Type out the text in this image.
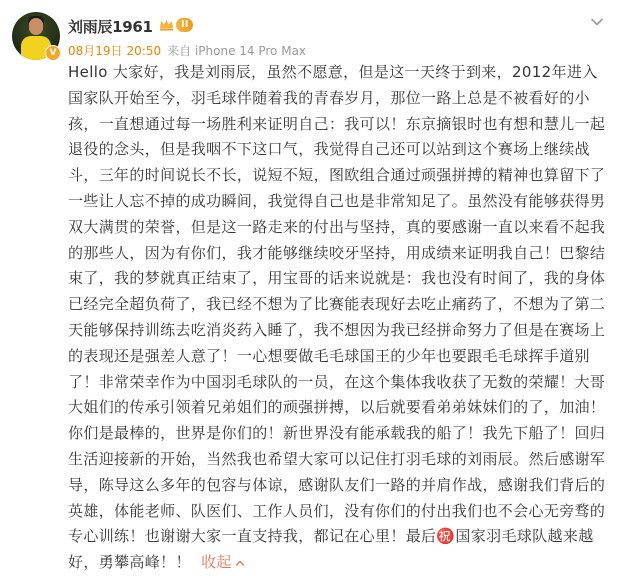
V
刘雨辰1961	II
08月19日 20:50 来自 iPhone 14 Pro Max
Hello 大家好，我是刘雨辰，虽然不愿意，但是这一天终于到来，2012年进入国家队开始至今，羽毛球伴随着我的青春岁月，那位一路上总是不被看好的小孩，一直想通过每一场胜利来证明自己：我可以！东京摘银时也有想和慧儿一起退役的念头，但是我咽不下这口气，我觉得自己还可以站到这个赛场上继续战斗，三年的时间说长不长，说短不短，图欧组合通过顽强拼搏的精神也算留下了一些让人忘不掉的成功瞬间，我觉得自己也是非常知足了。虽然没有能够获得男双大满贯的荣誉，但是这一路走来的付出与坚持，真的要感谢一直以来看不起我的那些人，因为有你们，我才能够继续咬牙坚持，用成绩来证明我自己！巴黎结束了，我的梦就真正结束了，用宝哥的话来说就是：我也没有时间了，我的身体已经完全超负荷了，我已经不想为了比赛能表现好去吃止痛药了，不想为了第二天能够保持训练去吃消炎药入睡了，我不想因为我已经拼命努力了但是在赛场上的表现还是强差人意了！一心想要做毛毛球国王的少年也要跟毛毛球挥手道别了！非常荣幸作为中国羽毛球队的一员，在这个集体我收获了无数的荣耀！大哥大姐们的传承引领着兄弟姐们的顽强拼搏，以后就要看弟弟妹妹们的了，加油！你们是最棒的，世界是你们的！新世界没有能承载我的船了！我先下船了！回归生活迎接新的开始，当然我也希望大家可以记住打羽毛球的刘雨辰。然后感谢军导，陈导这么多年的包容与体谅，感谢队友们一路的并肩作战，感谢我们背后的英雄，体能老师、队医们、工作人员们，没有你们的付出我们也不会心无旁骛的专心训练！也谢谢大家一直支持我，都记在心里！最后㊗️国家羽毛球队越来越好，勇攀高峰！！ 收起
